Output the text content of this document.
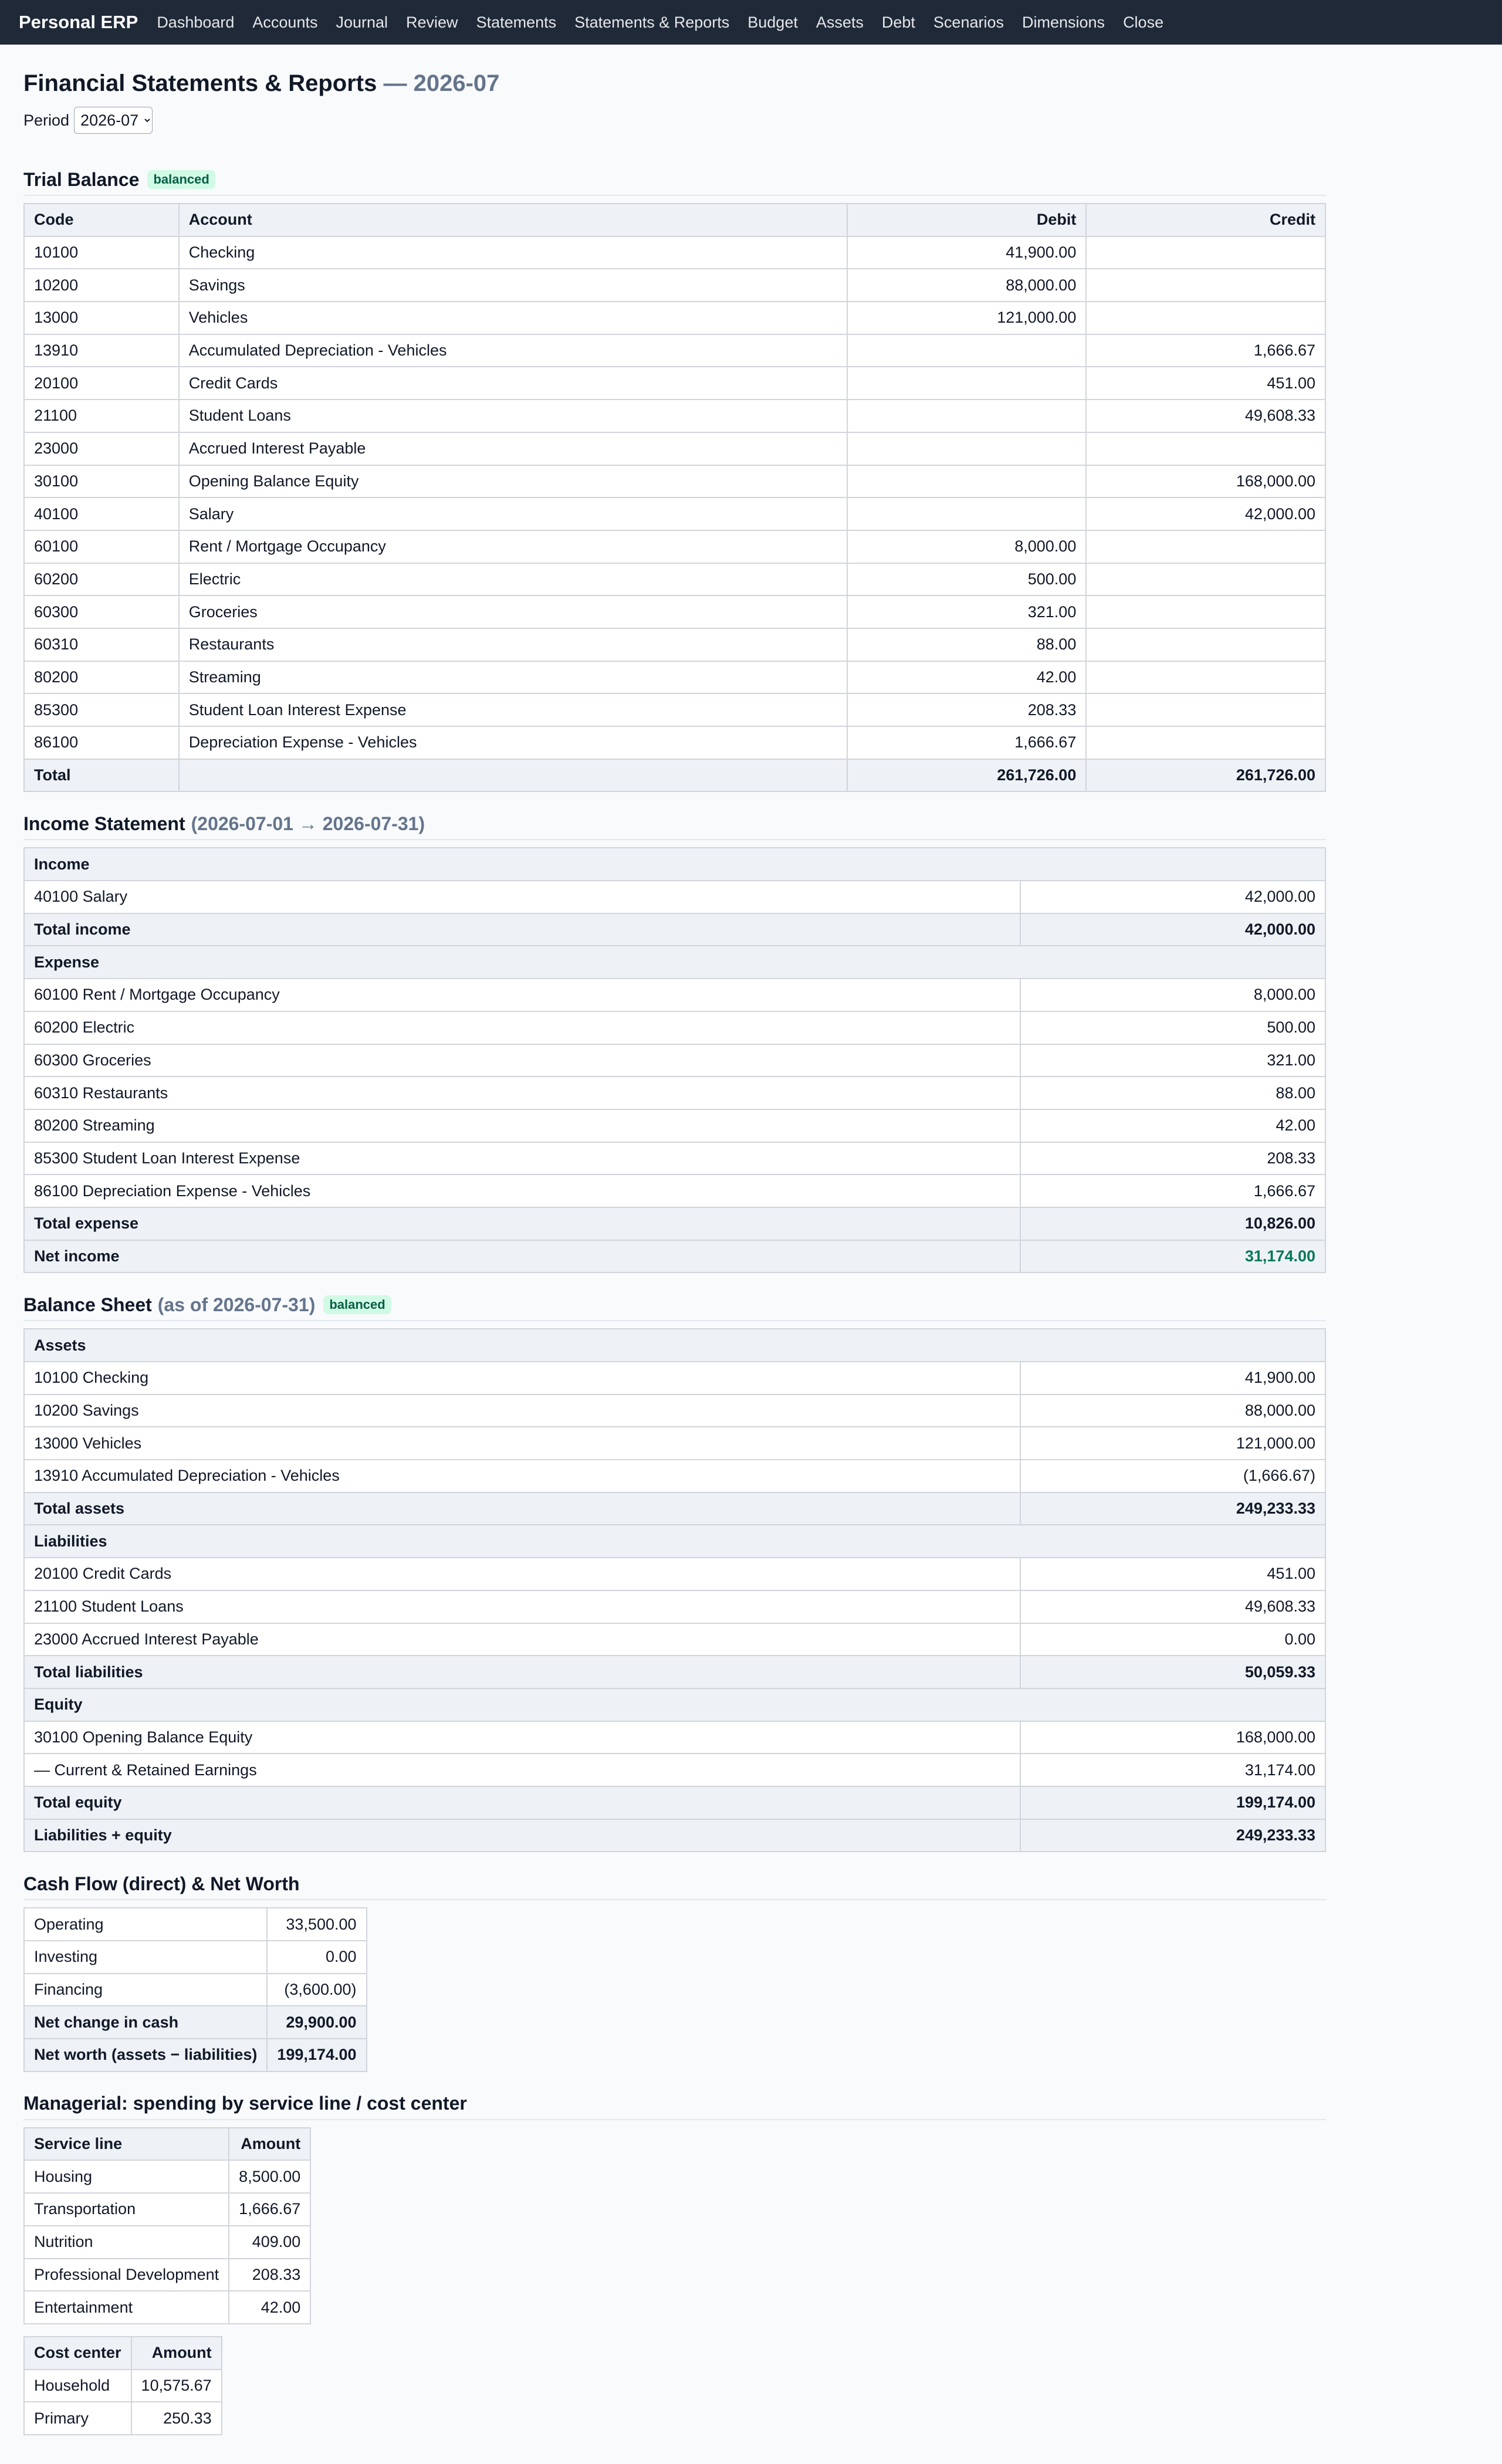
Personal ERP Dashboard Accounts Journal Review Statements Statements & Reports Budget Assets Debt Scenarios Dimensions Close
Financial Statements & Reports — 2026-07
Period
2026-07
Trial Balance	balanced
Code	Account	Debit	Credit
10100	Checking	41,900.00	
10200	Savings	88,000.00	
13000	Vehicles	121,000.00	
13910	Accumulated Depreciation - Vehicles		1,666.67
20100	Credit Cards		451.00
21100	Student Loans		49,608.33
23000	Accrued Interest Payable		
30100	Opening Balance Equity		168,000.00
40100	Salary		42,000.00
60100	Rent / Mortgage Occupancy	8,000.00	
60200	Electric	500.00	
60300	Groceries	321.00	
60310	Restaurants	88.00	
80200	Streaming	42.00	
85300	Student Loan Interest Expense	208.33	
86100	Depreciation Expense - Vehicles	1,666.67	
Total		261,726.00	261,726.00
Income Statement (2026-07-01 → 2026-07-31)
Income	
40100 Salary	42,000.00
Total income	42,000.00
Expense	
60100 Rent / Mortgage Occupancy	8,000.00
60200 Electric	500.00
60300 Groceries	321.00
60310 Restaurants	88.00
80200 Streaming	42.00
85300 Student Loan Interest Expense	208.33
86100 Depreciation Expense - Vehicles	1,666.67
Total expense	10,826.00
Net income	31,174.00
Balance Sheet (as of 2026-07-31)	balanced
Assets	
10100 Checking	41,900.00
10200 Savings	88,000.00
13000 Vehicles	121,000.00
13910 Accumulated Depreciation - Vehicles	(1,666.67)
Total assets	249,233.33
Liabilities	
20100 Credit Cards	451.00
21100 Student Loans	49,608.33
23000 Accrued Interest Payable	0.00
Total liabilities	50,059.33
Equity	
30100 Opening Balance Equity	168,000.00
— Current & Retained Earnings	31,174.00
Total equity	199,174.00
Liabilities + equity	249,233.33
Cash Flow (direct) & Net Worth
Operating	33,500.00
Investing	0.00
Financing	(3,600.00)
Net change in cash	29,900.00
Net worth (assets − liabilities)	199,174.00
Managerial: spending by service line / cost center
Service line	Amount
Housing	8,500.00
Transportation	1,666.67
Nutrition	409.00
Professional Development	208.33
Entertainment	42.00
Cost center	Amount
Household	10,575.67
Primary	250.33
